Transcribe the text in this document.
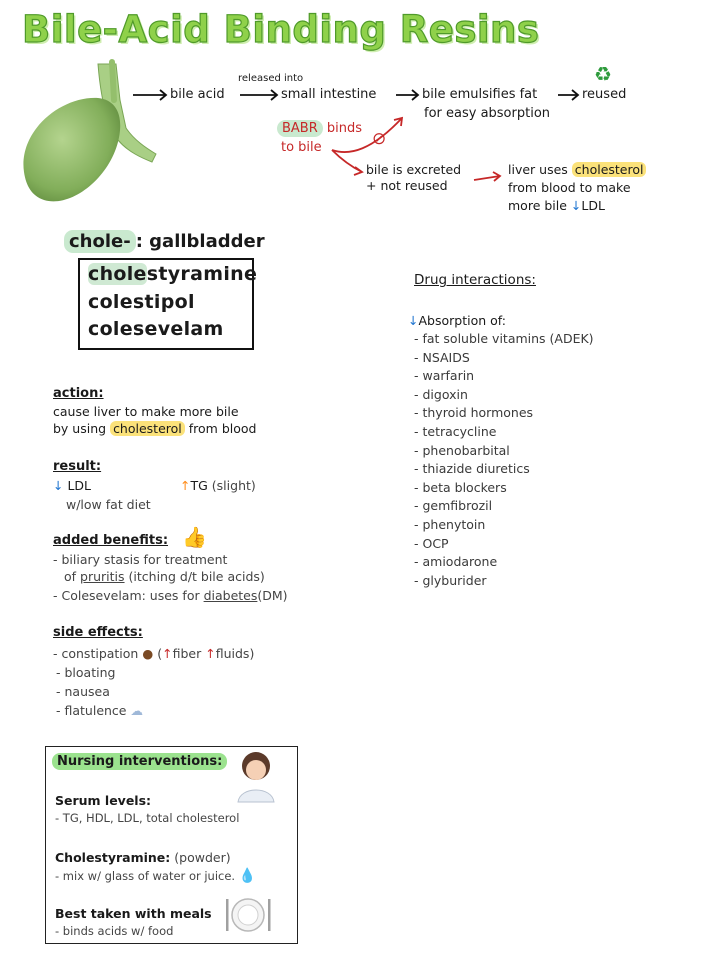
Bile-Acid Binding Resins
♻
⊘
released into
bile acid	small intestine	bile emulsifies fat
for easy absorption
reused
BABR binds
to bile
bile is excreted
+ not reused
liver uses cholesterol
from blood to make
more bile ↓LDL
chole- : gallbladder
cholestyramine
colestipol
colesevelam
action:
cause liver to make more bile
by using cholesterol from blood
result:
↓ LDL	↑TG (slight)
w/low fat diet
added benefits: 👍
- biliary stasis for treatment
of pruritis (itching d/t bile acids)
- Colesevelam: uses for diabetes(DM)
side effects:
- constipation ● (↑fiber ↑fluids)
- bloating
- nausea
- flatulence ☁
Nursing interventions:
Serum levels:
- TG, HDL, LDL, total cholesterol
Cholestyramine: (powder)
- mix w/ glass of water or juice. 💧
Best taken with meals
- binds acids w/ food
Drug interactions:
↓Absorption of:
- fat soluble vitamins (ADEK)
- NSAIDS
- warfarin
- digoxin
- thyroid hormones
- tetracycline
- phenobarbital
- thiazide diuretics
- beta blockers
- gemfibrozil
- phenytoin
- OCP
- amiodarone
- glyburider
